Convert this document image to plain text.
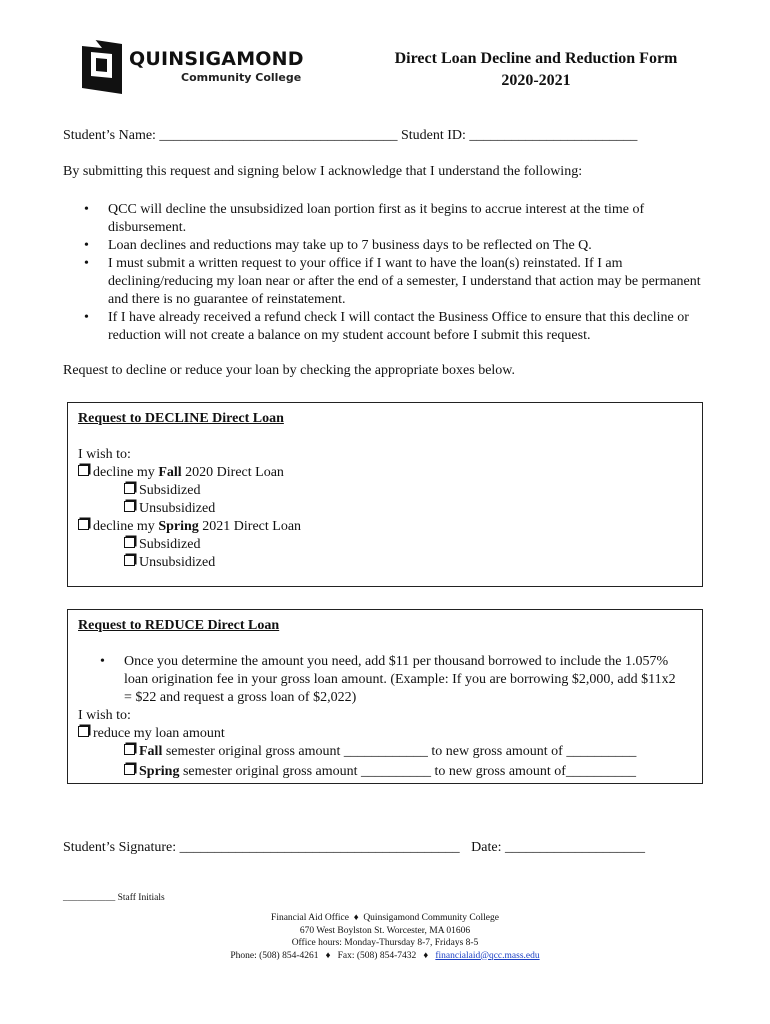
QUINSIGAMOND
Community College
Direct Loan Decline and Reduction Form
2020-2021
Student’s Name: __________________________________ Student ID: ________________________
By submitting this request and signing below I acknowledge that I understand the following:
• QCC will decline the unsubsidized loan portion first as it begins to accrue interest at the time of disbursement.
• Loan declines and reductions may take up to 7 business days to be reflected on The Q.
• I must submit a written request to your office if I want to have the loan(s) reinstated. If I am declining/reducing my loan near or after the end of a semester, I understand that action may be permanent and there is no guarantee of reinstatement.
• If I have already received a refund check I will contact the Business Office to ensure that this decline or reduction will not create a balance on my student account before I submit this request.
Request to decline or reduce your loan by checking the appropriate boxes below.
Request to DECLINE Direct Loan
I wish to:
decline my Fall 2020 Direct Loan
Subsidized
Unsubsidized
decline my Spring 2021 Direct Loan
Subsidized
Unsubsidized
Request to REDUCE Direct Loan
• Once you determine the amount you need, add $11 per thousand borrowed to include the 1.057% loan origination fee in your gross loan amount. (Example: If you are borrowing $2,000, add $11x2 = $22 and request a gross loan of $2,022)
I wish to:
reduce my loan amount
Fall semester original gross amount ____________ to new gross amount of __________
Spring semester original gross amount __________ to new gross amount of__________
Student’s Signature: ________________________________________ Date: ____________________
___________ Staff Initials
Financial Aid Office ♦ Quinsigamond Community College
670 West Boylston St. Worcester, MA 01606
Office hours: Monday-Thursday 8-7, Fridays 8-5
Phone: (508) 854-4261 ♦ Fax: (508) 854-7432 ♦ financialaid@qcc.mass.edu
